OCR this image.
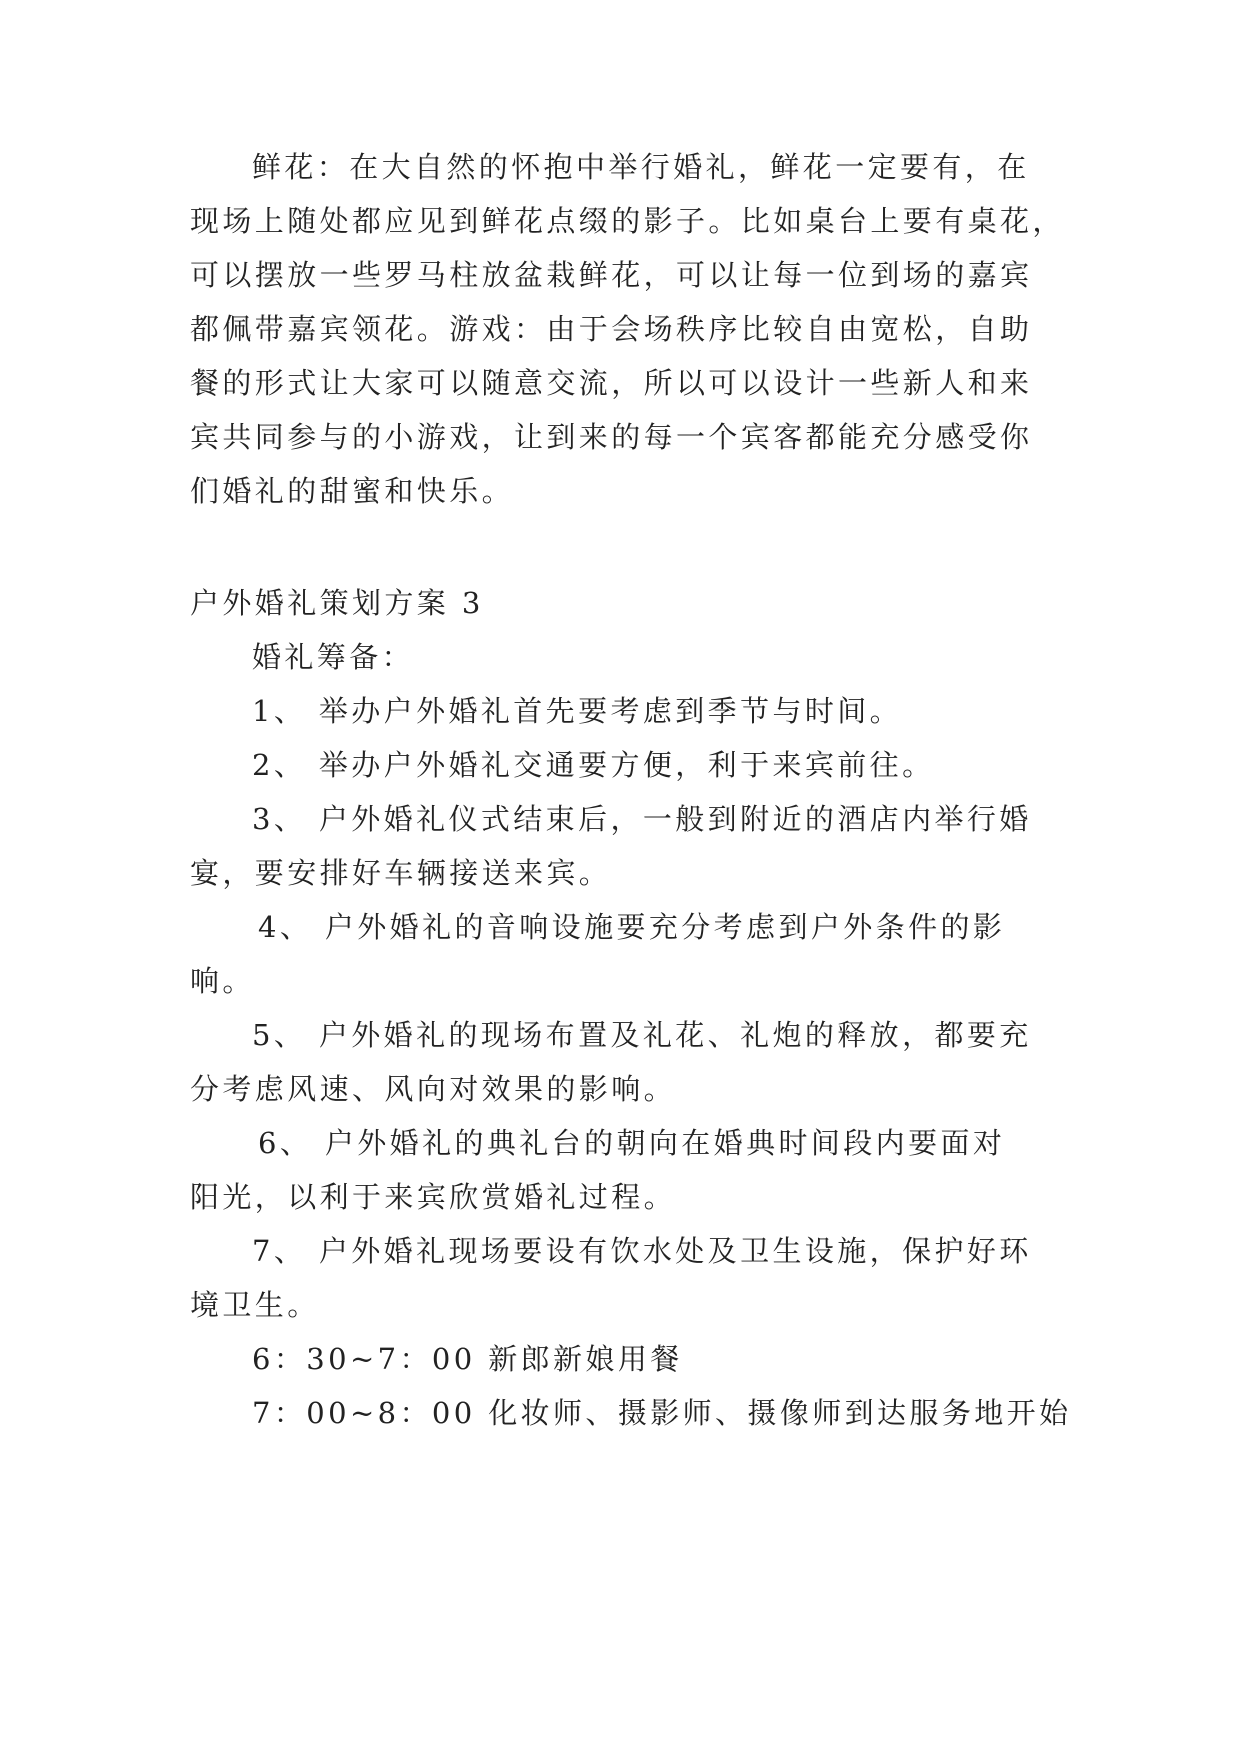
鲜花：在大自然的怀抱中举行婚礼，鲜花一定要有，在
现场上随处都应见到鲜花点缀的影子。比如桌台上要有桌花，
可以摆放一些罗马柱放盆栽鲜花，可以让每一位到场的嘉宾
都佩带嘉宾领花。游戏：由于会场秩序比较自由宽松，自助
餐的形式让大家可以随意交流，所以可以设计一些新人和来
宾共同参与的小游戏，让到来的每一个宾客都能充分感受你
们婚礼的甜蜜和快乐。
户外婚礼策划方案 3
婚礼筹备：
1、 举办户外婚礼首先要考虑到季节与时间。
2、 举办户外婚礼交通要方便，利于来宾前往。
3、 户外婚礼仪式结束后，一般到附近的酒店内举行婚
宴，要安排好车辆接送来宾。
4、 户外婚礼的音响设施要充分考虑到户外条件的影
响。
5、 户外婚礼的现场布置及礼花、礼炮的释放，都要充
分考虑风速、风向对效果的影响。
6、 户外婚礼的典礼台的朝向在婚典时间段内要面对
阳光，以利于来宾欣赏婚礼过程。
7、 户外婚礼现场要设有饮水处及卫生设施，保护好环
境卫生。
6：30~7：00 新郎新娘用餐
7：00~8：00 化妆师、摄影师、摄像师到达服务地开始
